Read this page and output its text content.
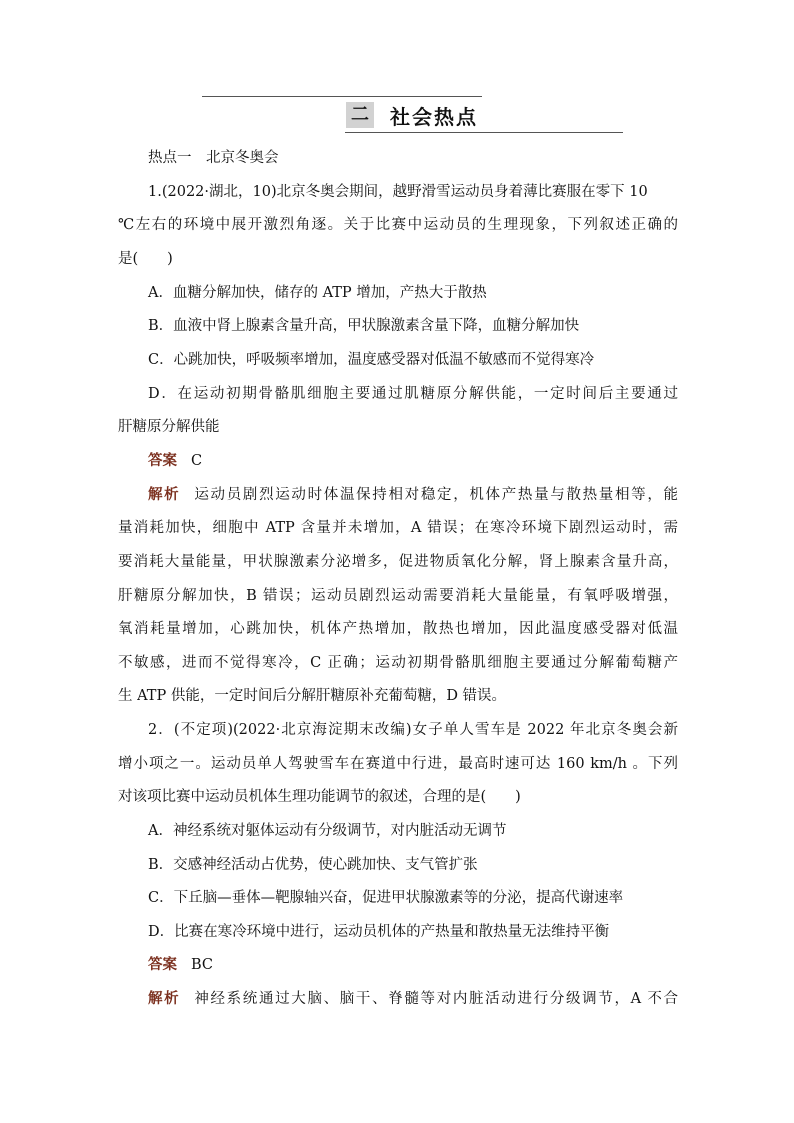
二 社会热点
热点一　北京冬奥会
1.(2022·湖北，10)北京冬奥会期间，越野滑雪运动员身着薄比赛服在零下 10
℃左右的环境中展开激烈角逐。关于比赛中运动员的生理现象，下列叙述正确的
是(　　)
A．血糖分解加快，储存的 ATP 增加，产热大于散热
B．血液中肾上腺素含量升高，甲状腺激素含量下降，血糖分解加快
C．心跳加快，呼吸频率增加，温度感受器对低温不敏感而不觉得寒冷
D．在运动初期骨骼肌细胞主要通过肌糖原分解供能，一定时间后主要通过
肝糖原分解供能
答案 C
解析 运动员剧烈运动时体温保持相对稳定，机体产热量与散热量相等，能
量消耗加快，细胞中 ATP 含量并未增加，A 错误；在寒冷环境下剧烈运动时，需
要消耗大量能量，甲状腺激素分泌增多，促进物质氧化分解，肾上腺素含量升高，
肝糖原分解加快，B 错误；运动员剧烈运动需要消耗大量能量，有氧呼吸增强，
氧消耗量增加，心跳加快，机体产热增加，散热也增加，因此温度感受器对低温
不敏感，进而不觉得寒冷，C 正确；运动初期骨骼肌细胞主要通过分解葡萄糖产
生 ATP 供能，一定时间后分解肝糖原补充葡萄糖，D 错误。
2．(不定项)(2022·北京海淀期末改编)女子单人雪车是 2022 年北京冬奥会新
增小项之一。运动员单人驾驶雪车在赛道中行进，最高时速可达 160 km/h 。下列
对该项比赛中运动员机体生理功能调节的叙述，合理的是(　　)
A．神经系统对躯体运动有分级调节，对内脏活动无调节
B．交感神经活动占优势，使心跳加快、支气管扩张
C．下丘脑—垂体—靶腺轴兴奋，促进甲状腺激素等的分泌，提高代谢速率
D．比赛在寒冷环境中进行，运动员机体的产热量和散热量无法维持平衡
答案 BC
解析 神经系统通过大脑、脑干、脊髓等对内脏活动进行分级调节，A 不合
